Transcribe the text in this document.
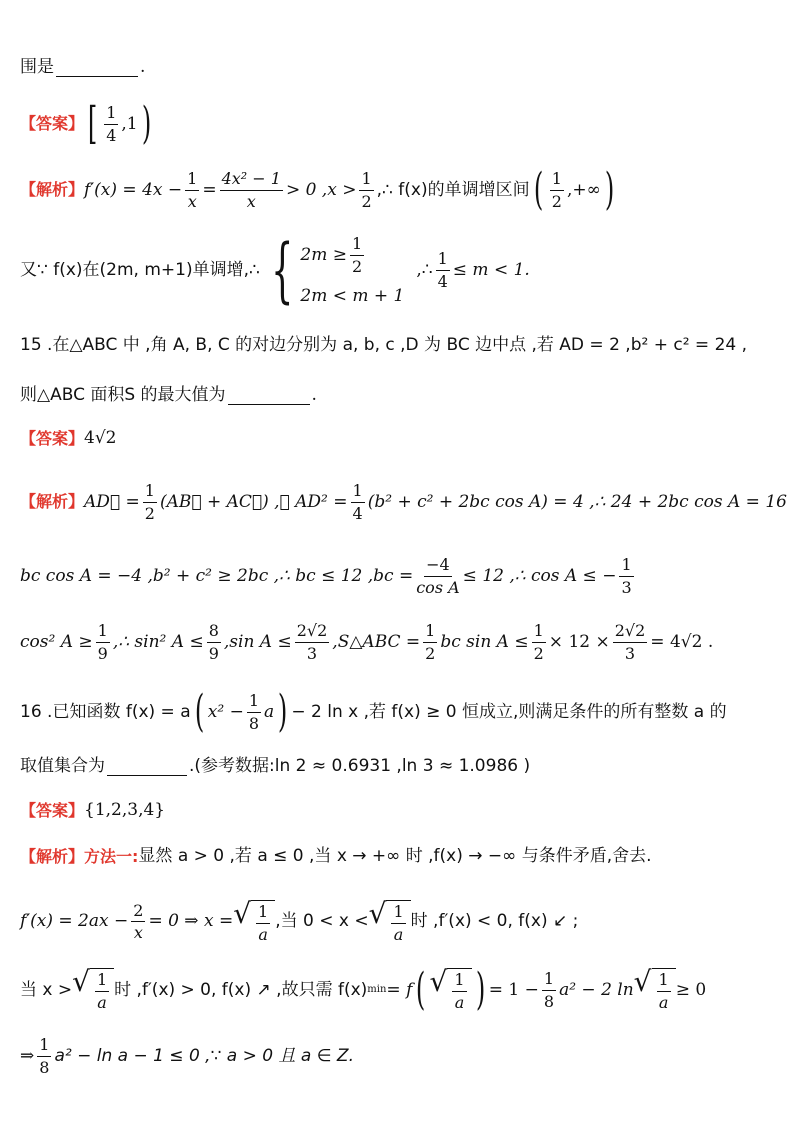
围是	.
【答案】 [ $\frac{1}{4} ,1$ )
【解析】 $f'(x) = 4x - \frac{1}{x} = \frac{\text{4x² − 1}}{x} > 0$ $,x > \frac{1}{2}$ ,∴ f(x)的单调增区间 ( $\frac{1}{2}$ ,+∞ )
又∵ f(x)在(2m, m+1)单调增,∴ { $2m \ge \frac{1}{2}$
2m < m + 1
,∴ $\frac{1}{4} \le m < 1$.
15 .在△ABC 中 ,角 A, B, C 的对边分别为 a, b, c ,D 为 BC 边中点 ,若 AD = 2 ,b² + c² = 24 ,
则△ABC 面积S 的最大值为	.
【答案】 4√2
【解析】 AD⃗ = $\frac{1}{2}$ (AB⃗ + AC⃗) ,∴ $AD^2 = \frac{1}{4} (b^2 + c^2 + 2bc$ cos A) = 4 ,∴ 24 + 2bc cos A = 16
bc cos A = −4 ,b² + c² ≥ 2bc ,∴ bc ≤ 12 $,bc = \frac{-4}{\text{cos A}} \le 12$ ,∴ cos A ≤ − $\frac{1}{3}$
cos² $A \ge \frac{1}{9}$ ,∴ sin² $A \le \frac{8}{9} ,\sin$ $A \le \frac{2√2}{3}$ ,S△ABC = $\frac{1}{2}$ bc $\sin A \le \frac{1}{2} \times 12 \times \frac{2√2}{3} = 4√2$ .
16 .已知函数 f(x) = a ( $x^2 - \frac{1}{8}$ a ) − 2 ln x ,若 f(x) ≥ 0 恒成立,则满足条件的所有整数 a 的
取值集合为	.(参考数据:ln 2 ≈ 0.6931 ,ln 3 ≈ 1.0986 )
【答案】 {1,2,3,4}
【解析】 方法一: 显然 a > 0 ,若 a ≤ 0 ,当 x → +∞ 时 ,f(x) → −∞ 与条件矛盾,舍去.
$f'(x) = 2ax - \frac{2}{x} = 0$ ⇒ x = √ $\frac{1}{a}$ ,当 0 < x < √ $\frac{1}{a}$ 时 ,f′(x) < 0, f(x) ↙ ;
当 x > √ $\frac{1}{a}$ 时 ,f′(x) > 0, f(x) ↗ ,故只需 f(x) min = f ( √ $\frac{1}{a}$ ) = $1 - \frac{1}{8} a^2 - 2$ ln √ $\frac{1}{a} \ge 0$
⇒ $\frac{1}{8} a^2 - \ln a - 1 \le 0$ ,∵ a > 0 且 a ∈ Z.
